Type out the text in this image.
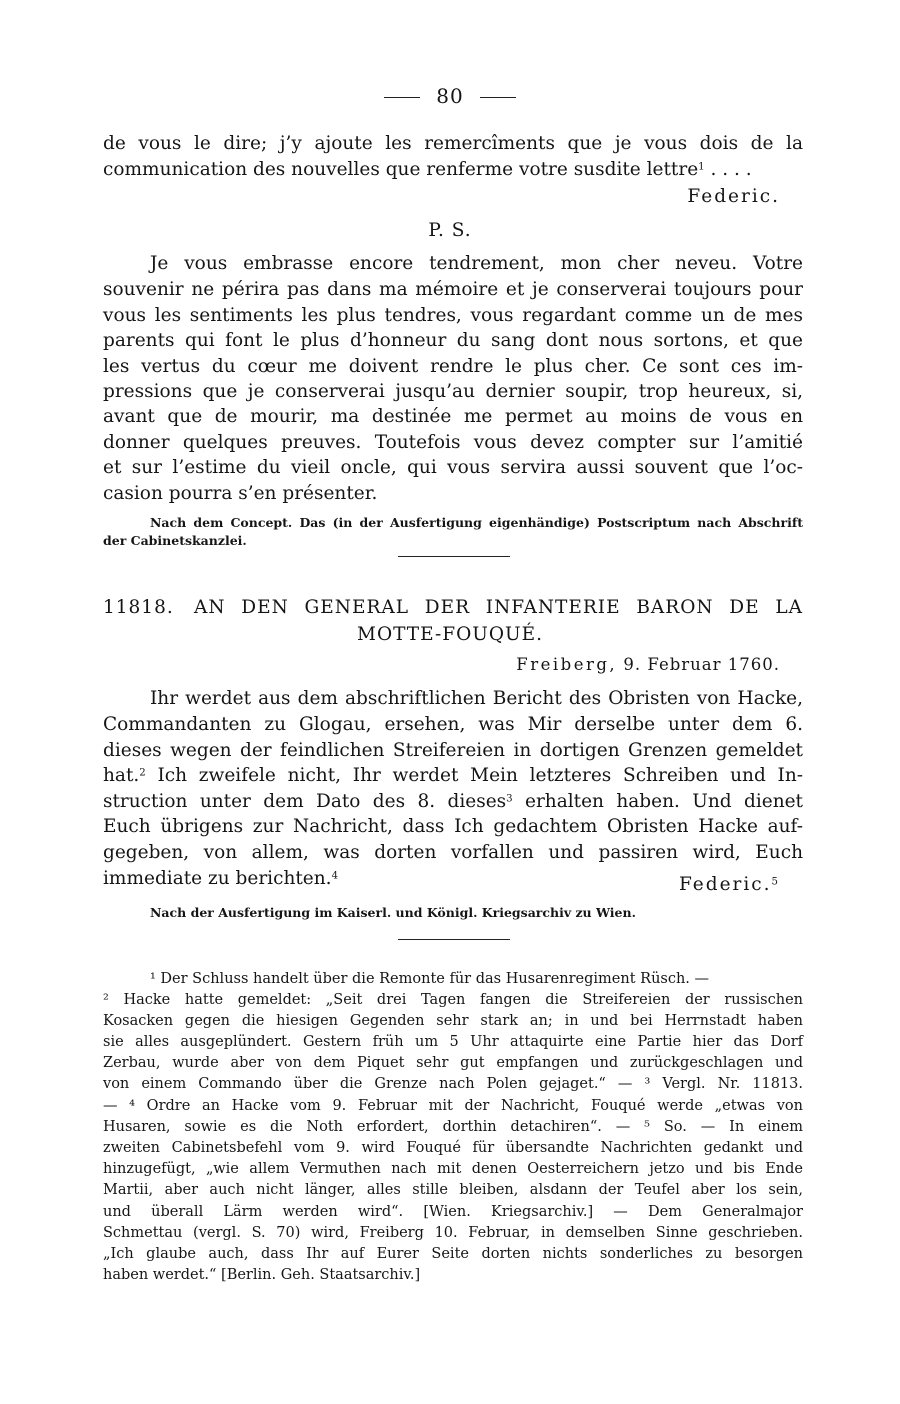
80
de vous le dire; j’y ajoute les remercîments que je vous dois de la
communication des nouvelles que renferme votre susdite lettre$^1$ . . . .
Federic.
P. S.
Je vous embrasse encore tendrement, mon cher neveu. Votre
souvenir ne périra pas dans ma mémoire et je conserverai toujours pour
vous les sentiments les plus tendres, vous regardant comme un de mes
parents qui font le plus d’honneur du sang dont nous sortons, et que
les vertus du cœur me doivent rendre le plus cher. Ce sont ces im-
pressions que je conserverai jusqu’au dernier soupir, trop heureux, si,
avant que de mourir, ma destinée me permet au moins de vous en
donner quelques preuves. Toutefois vous devez compter sur l’amitié
et sur l’estime du vieil oncle, qui vous servira aussi souvent que l’oc-
casion pourra s’en présenter.
Nach dem Concept. Das (in der Ausfertigung eigenhändige) Postscriptum nach Abschrift
der Cabinetskanzlei.
11818. AN DEN GENERAL DER INFANTERIE BARON DE LA
MOTTE-FOUQUÉ.
Freiberg, 9. Februar 1760.
Ihr werdet aus dem abschriftlichen Bericht des Obristen von Hacke,
Commandanten zu Glogau, ersehen, was Mir derselbe unter dem 6.
dieses wegen der feindlichen Streifereien in dortigen Grenzen gemeldet
hat.$^2$ Ich zweifele nicht, Ihr werdet Mein letzteres Schreiben und In-
struction unter dem Dato des 8. dieses$^3$ erhalten haben. Und dienet
Euch übrigens zur Nachricht, dass Ich gedachtem Obristen Hacke auf-
gegeben, von allem, was dorten vorfallen und passiren wird, Euch
immediate zu berichten.$^4$	Federic.$^5$
Nach der Ausfertigung im Kaiserl. und Königl. Kriegsarchiv zu Wien.
¹ Der Schluss handelt über die Remonte für das Husarenregiment Rüsch. —
² Hacke hatte gemeldet: „Seit drei Tagen fangen die Streifereien der russischen
Kosacken gegen die hiesigen Gegenden sehr stark an; in und bei Herrnstadt haben
sie alles ausgeplündert. Gestern früh um 5 Uhr attaquirte eine Partie hier das Dorf
Zerbau, wurde aber von dem Piquet sehr gut empfangen und zurückgeschlagen und
von einem Commando über die Grenze nach Polen gejaget.“ — ³ Vergl. Nr. 11813.
— ⁴ Ordre an Hacke vom 9. Februar mit der Nachricht, Fouqué werde „etwas von
Husaren, sowie es die Noth erfordert, dorthin detachiren“. — ⁵ So. — In einem
zweiten Cabinetsbefehl vom 9. wird Fouqué für übersandte Nachrichten gedankt und
hinzugefügt, „wie allem Vermuthen nach mit denen Oesterreichern jetzo und bis Ende
Martii, aber auch nicht länger, alles stille bleiben, alsdann der Teufel aber los sein,
und überall Lärm werden wird“. [Wien. Kriegsarchiv.] — Dem Generalmajor
Schmettau (vergl. S. 70) wird, Freiberg 10. Februar, in demselben Sinne geschrieben.
„Ich glaube auch, dass Ihr auf Eurer Seite dorten nichts sonderliches zu besorgen
haben werdet.“ [Berlin. Geh. Staatsarchiv.]
